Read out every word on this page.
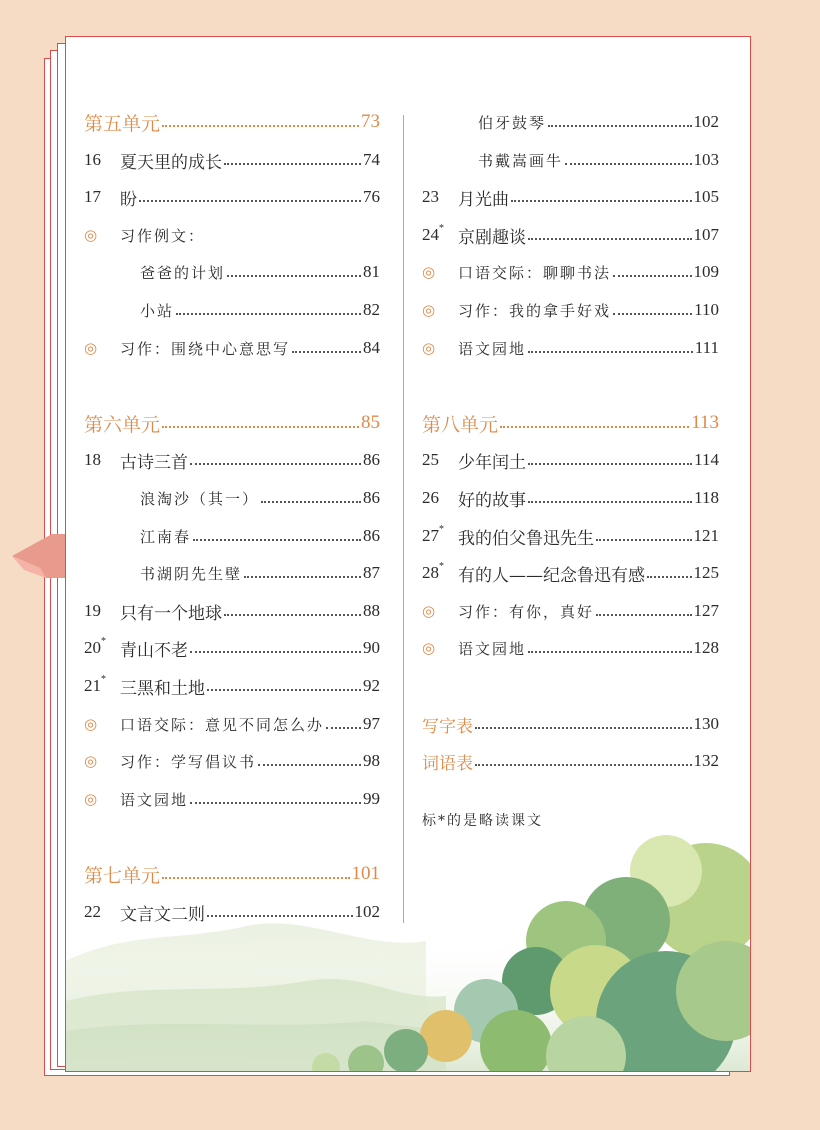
第五单元	73
16	夏天里的成长	74
17	盼	76
◎	习作例文：
爸爸的计划	81
小站	82
◎	习作：围绕中心意思写	84
第六单元	85
18	古诗三首	86
浪淘沙（其一）	86
江南春	86
书湖阴先生壁	87
19	只有一个地球	88
20* 青山不老	90
21* 三黑和土地	92
◎	口语交际：意见不同怎么办 97
◎	习作：学写倡议书	98
◎	语文园地	99
第七单元	101
22	文言文二则	102
伯牙鼓琴	102
书戴嵩画牛	103
23	月光曲	105
24* 京剧趣谈	107
◎	口语交际：聊聊书法	109
◎	习作：我的拿手好戏	110
◎	语文园地	111
第八单元	113
25	少年闰土	114
26	好的故事	118
27* 我的伯父鲁迅先生	121
28* 有的人——纪念鲁迅有感	125
◎	习作：有你，真好	127
◎	语文园地	128
写字表	130
词语表	132
标*的是略读课文
